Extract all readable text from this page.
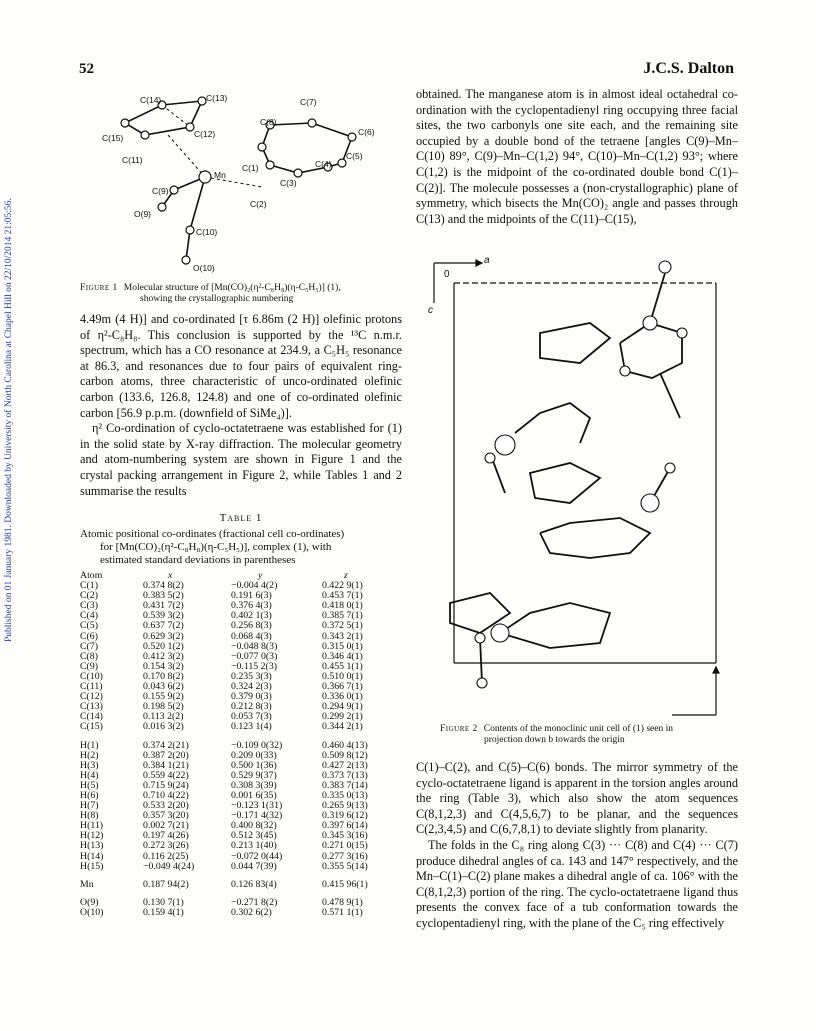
Published on 01 January 1981. Downloaded by University of North Carolina at Chapel Hill on 22/10/2014 21:05:56.
52	J.C.S. Dalton
C(14)	C(13)
C(15)	C(12)
C(11)
C(7)
C(8)
C(6)
C(5)
C(4)
C(1)
C(3)
C(2)
Mn
C(9)
O(9)
C(10)
O(10)
Figure 1 Molecular structure of [Mn(CO)₂(η²-C₈H₈)(η-C₅H₅)] (1),
showing the crystallographic numbering

4.49m (4 H)] and co-ordinated [τ 6.86m (2 H)] olefinic protons of η²-C₈H₈. This conclusion is supported by the ¹³C n.m.r. spectrum, which has a CO resonance at 234.9, a C₅H₅ resonance at 86.3, and resonances due to four pairs of equivalent ring-carbon atoms, three characteristic of unco-ordinated olefinic carbon (133.6, 126.8, 124.8) and one of co-ordinated olefinic carbon [56.9 p.p.m. (downfield of SiMe₄)].

η² Co-ordination of cyclo-octatetraene was established for (1) in the solid state by X-ray diffraction. The molecular geometry and atom-numbering system are shown in Figure 1 and the crystal packing arrangement in Figure 2, while Tables 1 and 2 summarise the results

Table 1
Atomic positional co-ordinates (fractional cell co-ordinates)
for [Mn(CO)₂(η²-C₈H₈)(η-C₅H₅)], complex (1), with
estimated standard deviations in parentheses
Atom	x	y	z
C(1)	0.374 8(2)	−0.004 4(2)	0.422 9(1)
C(2)	0.383 5(2)	0.191 6(3)	0.453 7(1)
C(3)	0.431 7(2)	0.376 4(3)	0.418 0(1)
C(4)	0.539 3(2)	0.402 1(3)	0.385 7(1)
C(5)	0.637 7(2)	0.256 8(3)	0.372 5(1)
C(6)	0.629 3(2)	0.068 4(3)	0.343 2(1)
C(7)	0.520 1(2)	−0.048 8(3)	0.315 0(1)
C(8)	0.412 3(2)	−0.077 0(3)	0.346 4(1)
C(9)	0.154 3(2)	−0.115 2(3)	0.455 1(1)
C(10)	0.170 8(2)	0.235 3(3)	0.510 0(1)
C(11)	0.043 6(2)	0.324 2(3)	0.366 7(1)
C(12)	0.155 9(2)	0.379 0(3)	0.336 0(1)
C(13)	0.198 5(2)	0.212 8(3)	0.294 9(1)
C(14)	0.113 2(2)	0.053 7(3)	0.299 2(1)
C(15)	0.016 3(2)	0.123 1(4)	0.344 2(1)
H(1)	0.374 2(21)	−0.109 0(32)	0.460 4(13)
H(2)	0.387 2(20)	0.209 0(33)	0.509 8(12)
H(3)	0.384 1(21)	0.500 1(36)	0.427 2(13)
H(4)	0.559 4(22)	0.529 9(37)	0.373 7(13)
H(5)	0.715 9(24)	0.308 3(39)	0.383 7(14)
H(6)	0.710 4(22)	0.001 6(35)	0.335 0(13)
H(7)	0.533 2(20)	−0.123 1(31)	0.265 9(13)
H(8)	0.357 3(20)	−0.171 4(32)	0.319 6(12)
H(11)	0.002 7(21)	0.400 8(32)	0.397 6(14)
H(12)	0.197 4(26)	0.512 3(45)	0.345 3(16)
H(13)	0.272 3(26)	0.213 1(40)	0.271 0(15)
H(14)	0.116 2(25)	−0.072 0(44)	0.277 3(16)
H(15)	−0.049 4(24)	0.044 7(39)	0.355 5(14)
Mn	0.187 94(2)	0.126 83(4)	0.415 96(1)
O(9)	0.130 7(1)	−0.271 8(2)	0.478 9(1)
O(10)	0.159 4(1)	0.302 6(2)	0.571 1(1)

obtained. The manganese atom is in almost ideal octahedral co-ordination with the cyclopentadienyl ring occupying three facial sites, the two carbonyls one site each, and the remaining site occupied by a double bond of the tetraene [angles C(9)–Mn–C(10) 89°, C(9)–Mn–C(1,2) 94°, C(10)–Mn–C(1,2) 93°; where C(1,2) is the midpoint of the co-ordinated double bond C(1)–C(2)]. The molecule possesses a (non-crystallographic) plane of symmetry, which bisects the Mn(CO)₂ angle and passes through C(13) and the midpoints of the C(11)–C(15),

a
c
0
Figure 2 Contents of the monoclinic unit cell of (1) seen in
projection down b towards the origin

C(1)–C(2), and C(5)–C(6) bonds. The mirror symmetry of the cyclo-octatetraene ligand is apparent in the torsion angles around the ring (Table 3), which also show the atom sequences C(8,1,2,3) and C(4,5,6,7) to be planar, and the sequences C(2,3,4,5) and C(6,7,8,1) to deviate slightly from planarity.

The folds in the C₈ ring along C(3) ··· C(8) and C(4) ··· C(7) produce dihedral angles of ca. 143 and 147° respectively, and the Mn–C(1)–C(2) plane makes a dihedral angle of ca. 106° with the C(8,1,2,3) portion of the ring. The cyclo-octatetraene ligand thus presents the convex face of a tub conformation towards the cyclopentadienyl ring, with the plane of the C₅ ring effectively
